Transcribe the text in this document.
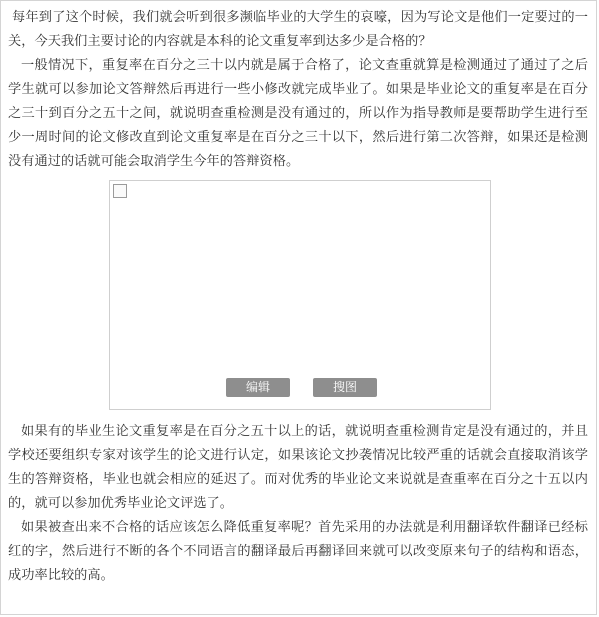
每年到了这个时候，我们就会听到很多濒临毕业的大学生的哀嚎，因为写论文是他们一定要过的一关，今天我们主要讨论的内容就是本科的论文重复率到达多少是合格的？

一般情况下，重复率在百分之三十以内就是属于合格了，论文查重就算是检测通过了通过了之后学生就可以参加论文答辩然后再进行一些小修改就完成毕业了。如果是毕业论文的重复率是在百分之三十到百分之五十之间，就说明查重检测是没有通过的，所以作为指导教师是要帮助学生进行至少一周时间的论文修改直到论文重复率是在百分之三十以下，然后进行第二次答辩，如果还是检测没有通过的话就可能会取消学生今年的答辩资格。

编辑	搜图

如果有的毕业生论文重复率是在百分之五十以上的话，就说明查重检测肯定是没有通过的，并且学校还要组织专家对该学生的论文进行认定，如果该论文抄袭情况比较严重的话就会直接取消该学生的答辩资格，毕业也就会相应的延迟了。而对优秀的毕业论文来说就是查重率在百分之十五以内的，就可以参加优秀毕业论文评选了。

如果被查出来不合格的话应该怎么降低重复率呢？首先采用的办法就是利用翻译软件翻译已经标红的字，然后进行不断的各个不同语言的翻译最后再翻译回来就可以改变原来句子的结构和语态，成功率比较的高。
